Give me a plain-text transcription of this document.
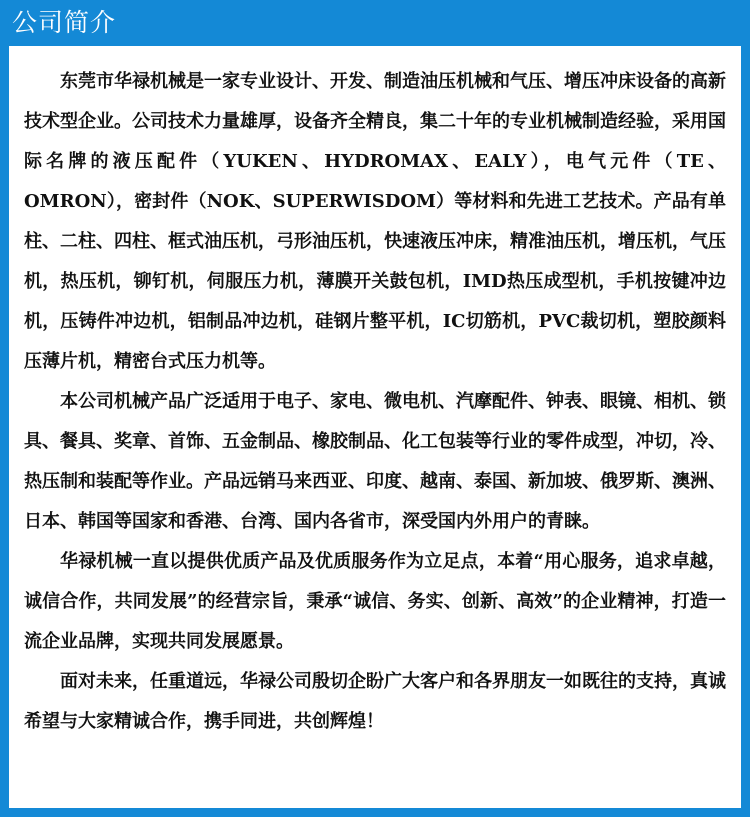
公司简介

东莞市华禄机械是一家专业设计、开发、制造油压机械和气压、增压冲床设备的高新技术型企业。公司技术力量雄厚，设备齐全精良，集二十年的专业机械制造经验，采用国际名牌的液压配件（YUKEN、HYDROMAX、EALY），电气元件（TE、OMRON），密封件（NOK、SUPERWISDOM）等材料和先进工艺技术。产品有单柱、二柱、四柱、框式油压机，弓形油压机，快速液压冲床，精准油压机，增压机，气压机，热压机，铆钉机，伺服压力机，薄膜开关鼓包机，IMD热压成型机，手机按键冲边机，压铸件冲边机，铝制品冲边机，硅钢片整平机，IC切筋机，PVC裁切机，塑胶颜料压薄片机，精密台式压力机等。

本公司机械产品广泛适用于电子、家电、微电机、汽摩配件、钟表、眼镜、相机、锁具、餐具、奖章、首饰、五金制品、橡胶制品、化工包装等行业的零件成型，冲切，冷、热压制和装配等作业。产品远销马来西亚、印度、越南、泰国、新加坡、俄罗斯、澳洲、日本、韩国等国家和香港、台湾、国内各省市，深受国内外用户的青睐。

华禄机械一直以提供优质产品及优质服务作为立足点，本着“用心服务，追求卓越，诚信合作，共同发展”的经营宗旨，秉承“诚信、务实、创新、高效”的企业精神，打造一流企业品牌，实现共同发展愿景。

面对未来，任重道远，华禄公司殷切企盼广大客户和各界朋友一如既往的支持，真诚希望与大家精诚合作，携手同进，共创辉煌！
